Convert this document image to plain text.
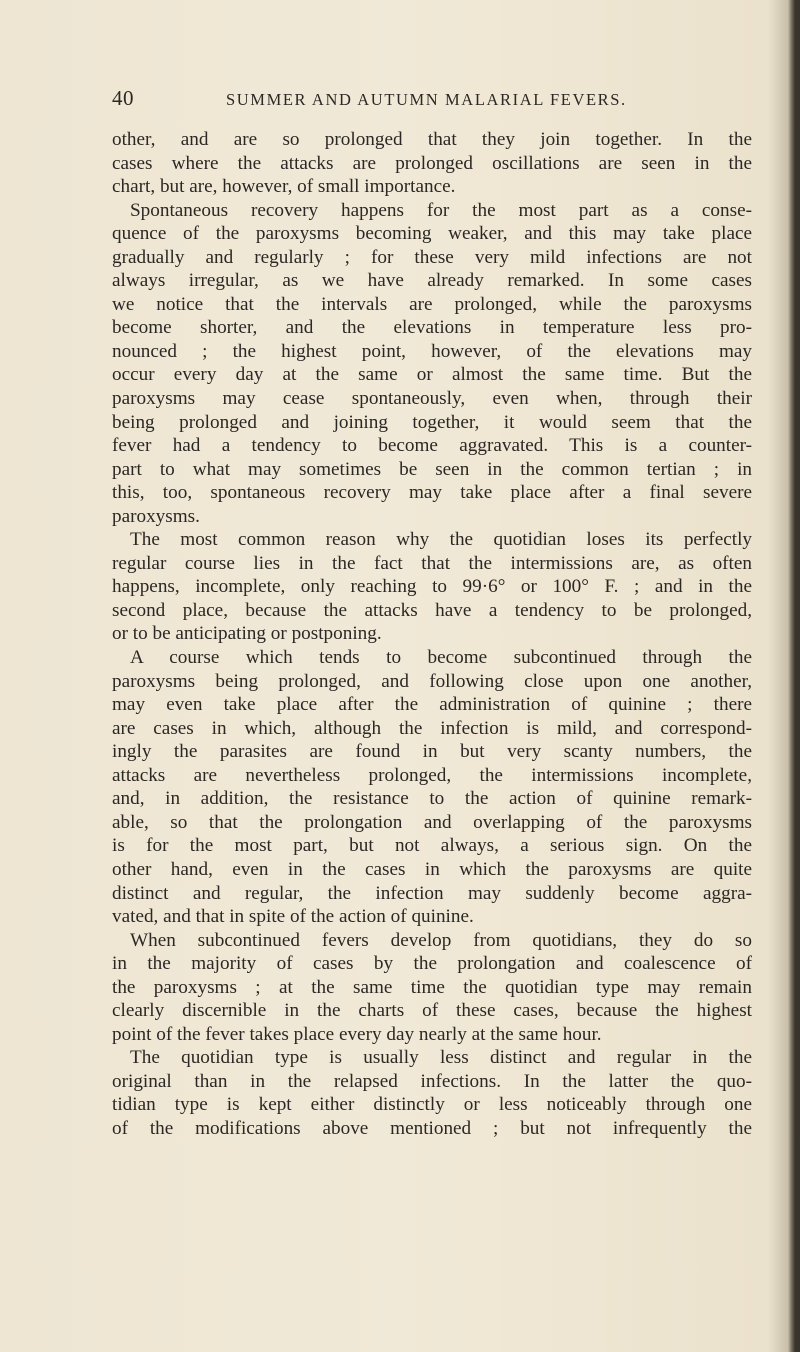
40	SUMMER AND AUTUMN MALARIAL FEVERS.
other, and are so prolonged that they join together. In the
cases where the attacks are prolonged oscillations are seen in the
chart, but are, however, of small importance.
Spontaneous recovery happens for the most part as a conse-
quence of the paroxysms becoming weaker, and this may take place
gradually and regularly ; for these very mild infections are not
always irregular, as we have already remarked. In some cases
we notice that the intervals are prolonged, while the paroxysms
become shorter, and the elevations in temperature less pro-
nounced ; the highest point, however, of the elevations may
occur every day at the same or almost the same time. But the
paroxysms may cease spontaneously, even when, through their
being prolonged and joining together, it would seem that the
fever had a tendency to become aggravated. This is a counter-
part to what may sometimes be seen in the common tertian ; in
this, too, spontaneous recovery may take place after a final severe
paroxysms.
The most common reason why the quotidian loses its perfectly
regular course lies in the fact that the intermissions are, as often
happens, incomplete, only reaching to 99·6° or 100° F. ; and in the
second place, because the attacks have a tendency to be prolonged,
or to be anticipating or postponing.
A course which tends to become subcontinued through the
paroxysms being prolonged, and following close upon one another,
may even take place after the administration of quinine ; there
are cases in which, although the infection is mild, and correspond-
ingly the parasites are found in but very scanty numbers, the
attacks are nevertheless prolonged, the intermissions incomplete,
and, in addition, the resistance to the action of quinine remark-
able, so that the prolongation and overlapping of the paroxysms
is for the most part, but not always, a serious sign. On the
other hand, even in the cases in which the paroxysms are quite
distinct and regular, the infection may suddenly become aggra-
vated, and that in spite of the action of quinine.
When subcontinued fevers develop from quotidians, they do so
in the majority of cases by the prolongation and coalescence of
the paroxysms ; at the same time the quotidian type may remain
clearly discernible in the charts of these cases, because the highest
point of the fever takes place every day nearly at the same hour.
The quotidian type is usually less distinct and regular in the
original than in the relapsed infections. In the latter the quo-
tidian type is kept either distinctly or less noticeably through one
of the modifications above mentioned ; but not infrequently the
